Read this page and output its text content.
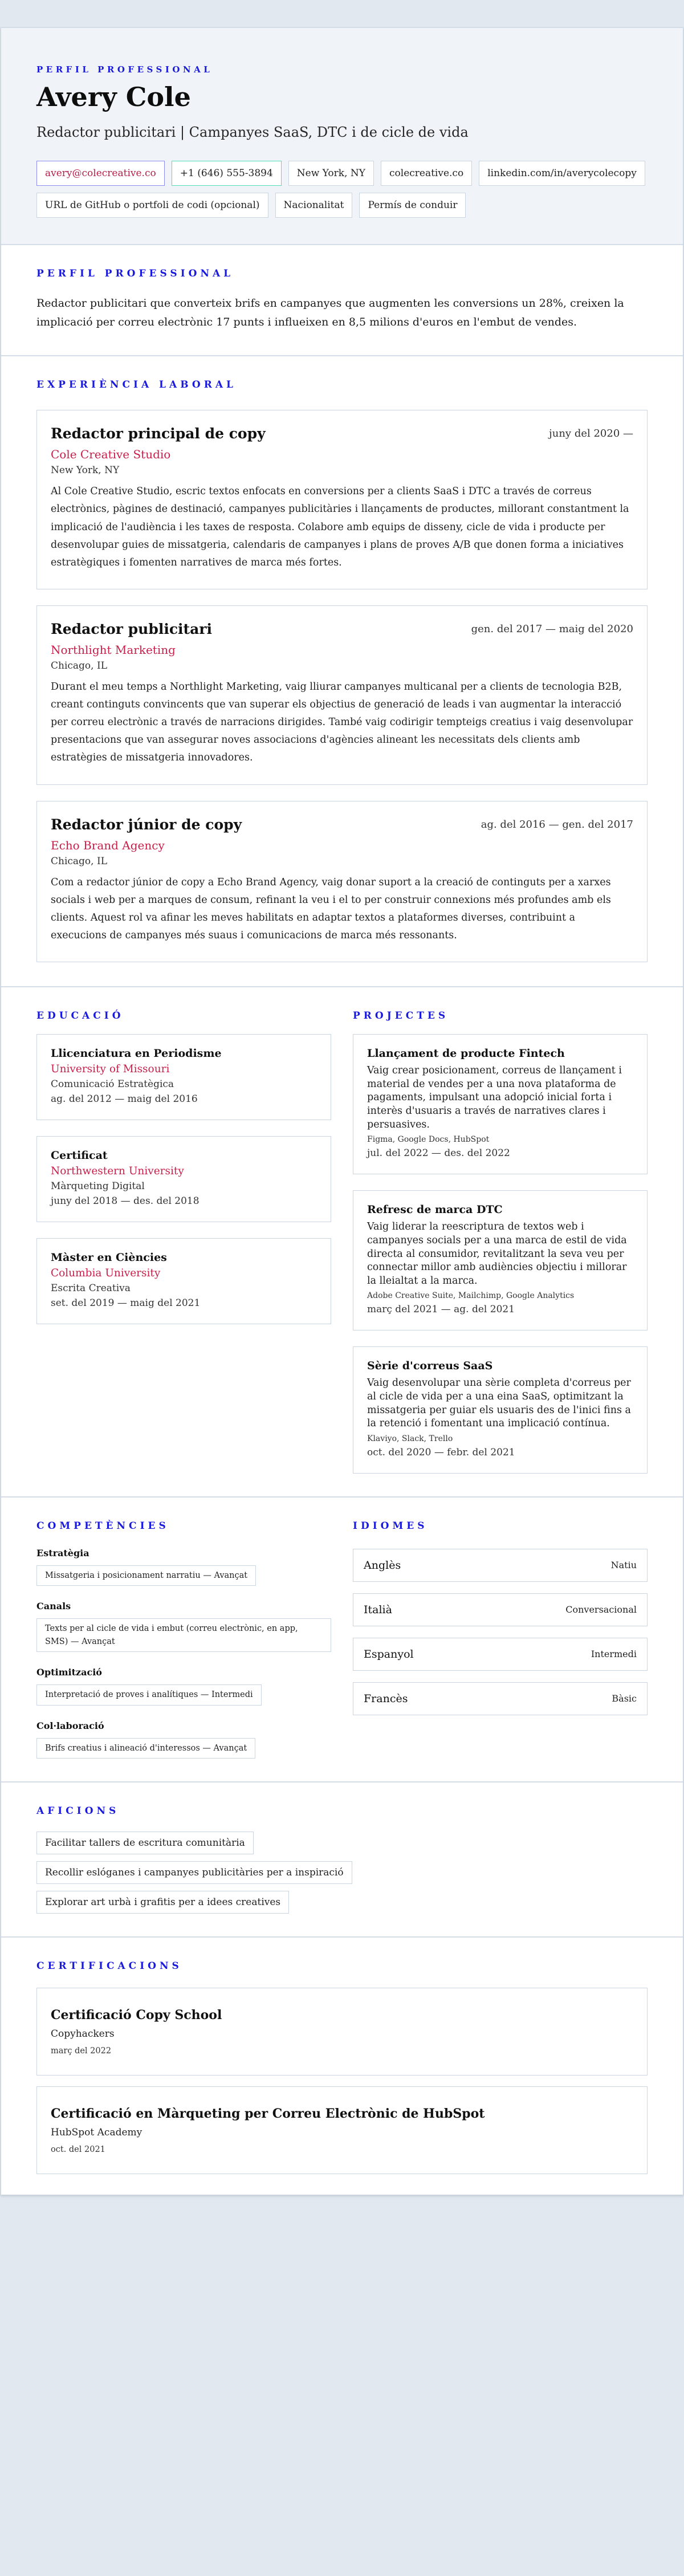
PERFIL PROFESSIONAL
Avery Cole
Redactor publicitari | Campanyes SaaS, DTC i de cicle de vida
avery@colecreative.co	+1 (646) 555-3894	New York, NY	colecreative.co	linkedin.com/in/averycolecopy
URL de GitHub o portfoli de codi (opcional)	Nacionalitat	Permís de conduir
PERFIL PROFESSIONAL

Redactor publicitari que converteix brifs en campanyes que augmenten les conversions un 28%, creixen la implicació per correu electrònic 17 punts i influeixen en 8,5 milions d'euros en l'embut de vendes.

EXPERIÈNCIA LABORAL
Redactor principal de copy	juny del 2020 —
Cole Creative Studio
New York, NY

Al Cole Creative Studio, escric textos enfocats en conversions per a clients SaaS i DTC a través de correus electrònics, pàgines de destinació, campanyes publicitàries i llançaments de productes, millorant constantment la implicació de l'audiència i les taxes de resposta. Colabore amb equips de disseny, cicle de vida i producte per desenvolupar guies de missatgeria, calendaris de campanyes i plans de proves A/B que donen forma a iniciatives estratègiques i fomenten narratives de marca més fortes.

Redactor publicitari	gen. del 2017 — maig del 2020
Northlight Marketing
Chicago, IL

Durant el meu temps a Northlight Marketing, vaig lliurar campanyes multicanal per a clients de tecnologia B2B, creant continguts convincents que van superar els objectius de generació de leads i van augmentar la interacció per correu electrònic a través de narracions dirigides. També vaig codirigir tempteigs creatius i vaig desenvolupar presentacions que van assegurar noves associacions d'agències alineant les necessitats dels clients amb estratègies de missatgeria innovadores.

Redactor júnior de copy	ag. del 2016 — gen. del 2017
Echo Brand Agency
Chicago, IL

Com a redactor júnior de copy a Echo Brand Agency, vaig donar suport a la creació de continguts per a xarxes socials i web per a marques de consum, refinant la veu i el to per construir connexions més profundes amb els clients. Aquest rol va afinar les meves habilitats en adaptar textos a plataformes diverses, contribuint a execucions de campanyes més suaus i comunicacions de marca més ressonants.

EDUCACIÓ
Llicenciatura en Periodisme
University of Missouri
Comunicació Estratègica
ag. del 2012 — maig del 2016
Certificat
Northwestern University
Màrqueting Digital
juny del 2018 — des. del 2018
Màster en Ciències
Columbia University
Escrita Creativa
set. del 2019 — maig del 2021
PROJECTES
Llançament de producte Fintech

Vaig crear posicionament, correus de llançament i material de vendes per a una nova plataforma de pagaments, impulsant una adopció inicial forta i interès d'usuaris a través de narratives clares i persuasives.

Figma, Google Docs, HubSpot
jul. del 2022 — des. del 2022
Refresc de marca DTC

Vaig liderar la reescriptura de textos web i campanyes socials per a una marca de estil de vida directa al consumidor, revitalitzant la seva veu per connectar millor amb audiències objectiu i millorar la lleialtat a la marca.

Adobe Creative Suite, Mailchimp, Google Analytics
març del 2021 — ag. del 2021
Sèrie d'correus SaaS

Vaig desenvolupar una sèrie completa d'correus per al cicle de vida per a una eina SaaS, optimitzant la missatgeria per guiar els usuaris des de l'inici fins a la retenció i fomentant una implicació contínua.

Klaviyo, Slack, Trello
oct. del 2020 — febr. del 2021
COMPETÈNCIES
Estratègia
Missatgeria i posicionament narratiu — Avançat
Canals
Texts per al cicle de vida i embut (correu electrònic, en app, SMS) — Avançat
Optimització
Interpretació de proves i analítiques — Intermedi
Col·laboració
Brifs creatius i alineació d'interessos — Avançat
IDIOMES
Anglès	Natiu
Italià	Conversacional
Espanyol	Intermedi
Francès	Bàsic
AFICIONS
Facilitar tallers de escritura comunitària
Recollir eslóganes i campanyes publicitàries per a inspiració
Explorar art urbà i grafitis per a idees creatives
CERTIFICACIONS
Certificació Copy School
Copyhackers
març del 2022
Certificació en Màrqueting per Correu Electrònic de HubSpot
HubSpot Academy
oct. del 2021
